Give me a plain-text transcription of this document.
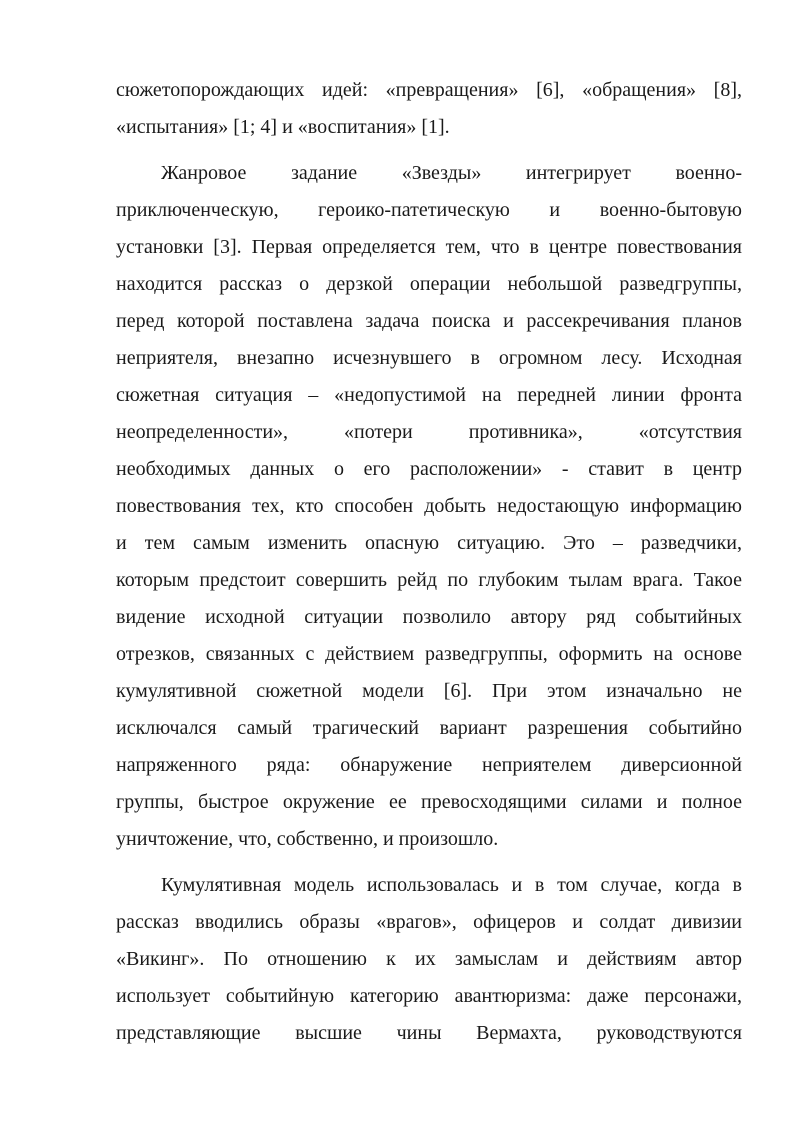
сюжетопорождающих идей: «превращения» [6], «обращения» [8],
«испытания» [1; 4] и «воспитания» [1].
Жанровое задание «Звезды» интегрирует военно-
приключенческую, героико-патетическую и военно-бытовую
установки [3]. Первая определяется тем, что в центре повествования
находится рассказ о дерзкой операции небольшой разведгруппы,
перед которой поставлена задача поиска и рассекречивания планов
неприятеля, внезапно исчезнувшего в огромном лесу. Исходная
сюжетная ситуация – «недопустимой на передней линии фронта
неопределенности», «потери противника», «отсутствия
необходимых данных о его расположении» - ставит в центр
повествования тех, кто способен добыть недостающую информацию
и тем самым изменить опасную ситуацию. Это – разведчики,
которым предстоит совершить рейд по глубоким тылам врага. Такое
видение исходной ситуации позволило автору ряд событийных
отрезков, связанных с действием разведгруппы, оформить на основе
кумулятивной сюжетной модели [6]. При этом изначально не
исключался самый трагический вариант разрешения событийно
напряженного ряда: обнаружение неприятелем диверсионной
группы, быстрое окружение ее превосходящими силами и полное
уничтожение, что, собственно, и произошло.
Кумулятивная модель использовалась и в том случае, когда в
рассказ вводились образы «врагов», офицеров и солдат дивизии
«Викинг». По отношению к их замыслам и действиям автор
использует событийную категорию авантюризма: даже персонажи,
представляющие высшие чины Вермахта, руководствуются
